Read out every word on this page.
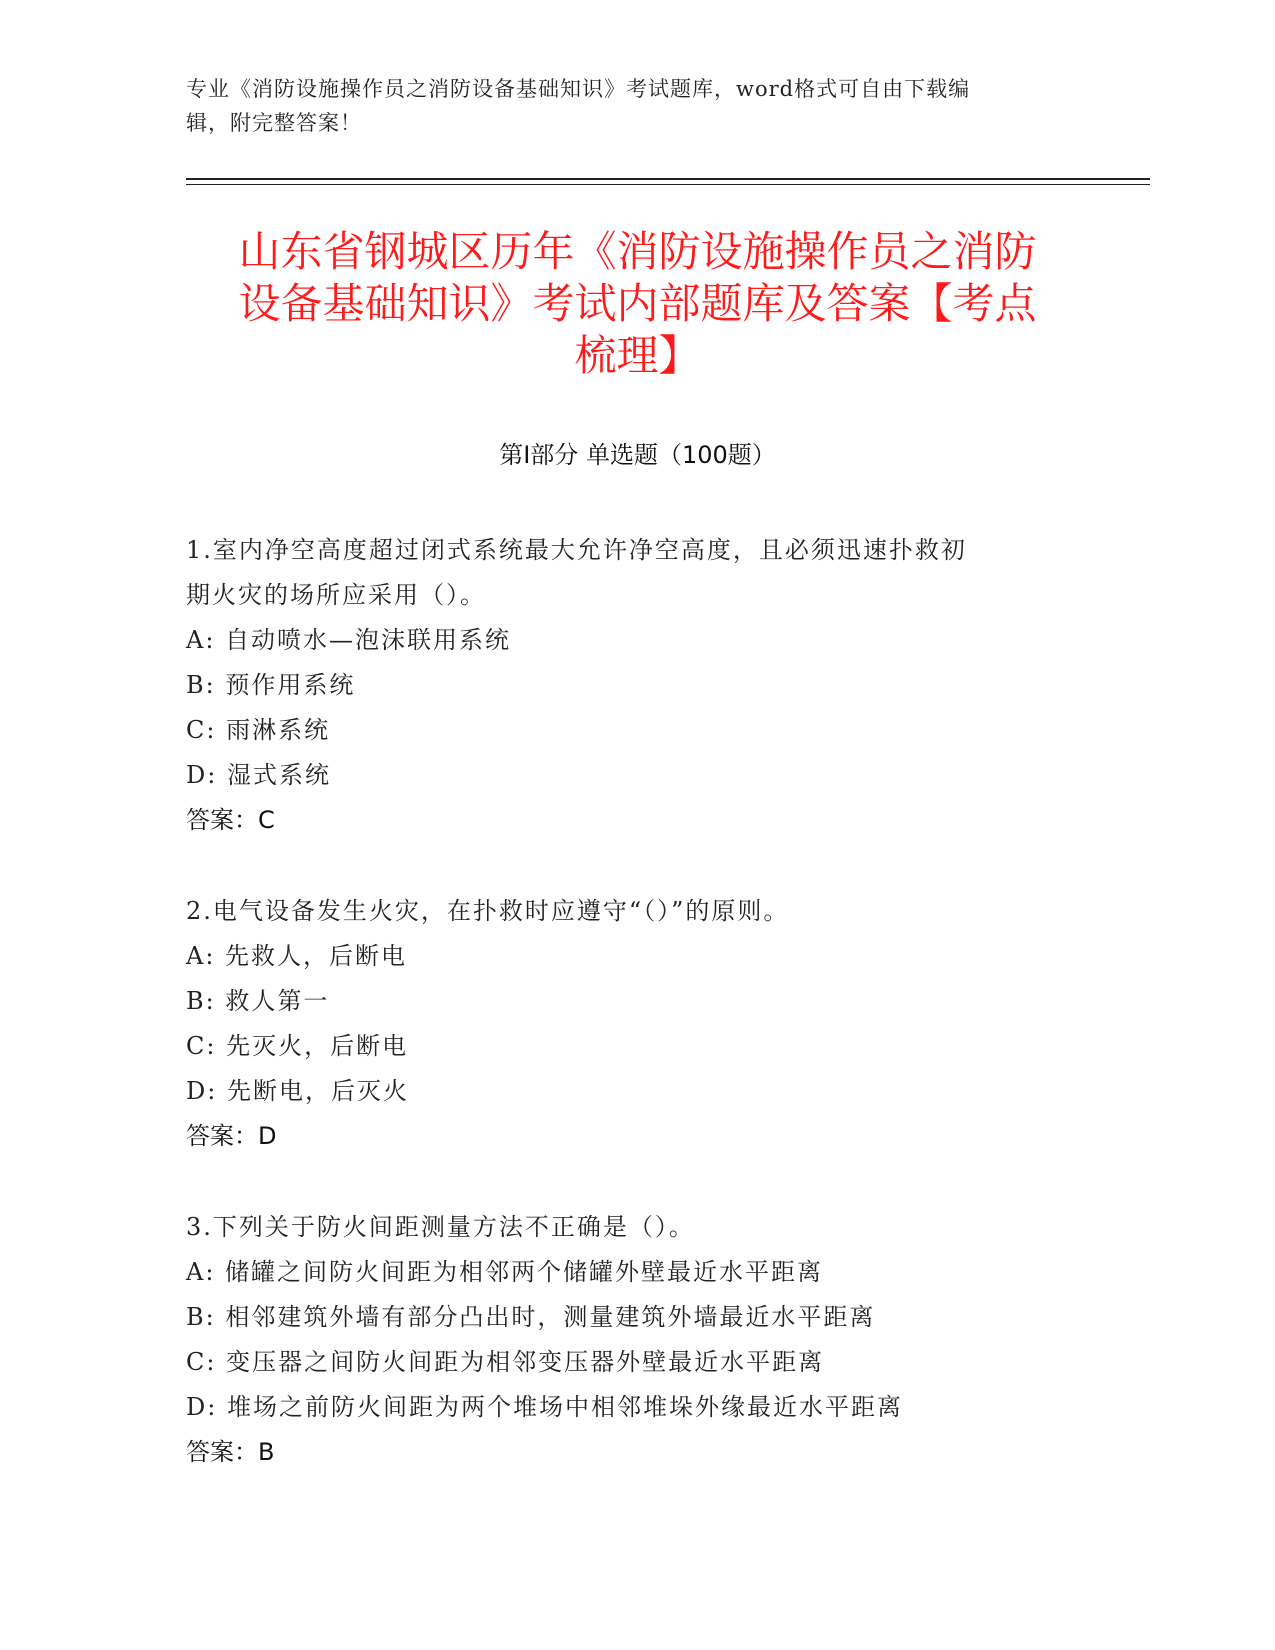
专业《消防设施操作员之消防设备基础知识》考试题库，word格式可自由下载编
辑，附完整答案！
山东省钢城区历年《消防设施操作员之消防
设备基础知识》考试内部题库及答案【考点
梳理】
第I部分 单选题（100题）
1.室内净空高度超过闭式系统最大允许净空高度，且必须迅速扑救初
期火灾的场所应采用（）。
A: 自动喷水—泡沫联用系统
B: 预作用系统
C: 雨淋系统
D: 湿式系统
答案：C
2.电气设备发生火灾，在扑救时应遵守“（）”的原则。
A: 先救人，后断电
B: 救人第一
C: 先灭火，后断电
D: 先断电，后灭火
答案：D
3.下列关于防火间距测量方法不正确是（）。
A: 储罐之间防火间距为相邻两个储罐外壁最近水平距离
B: 相邻建筑外墙有部分凸出时，测量建筑外墙最近水平距离
C: 变压器之间防火间距为相邻变压器外壁最近水平距离
D: 堆场之前防火间距为两个堆场中相邻堆垛外缘最近水平距离
答案：B
